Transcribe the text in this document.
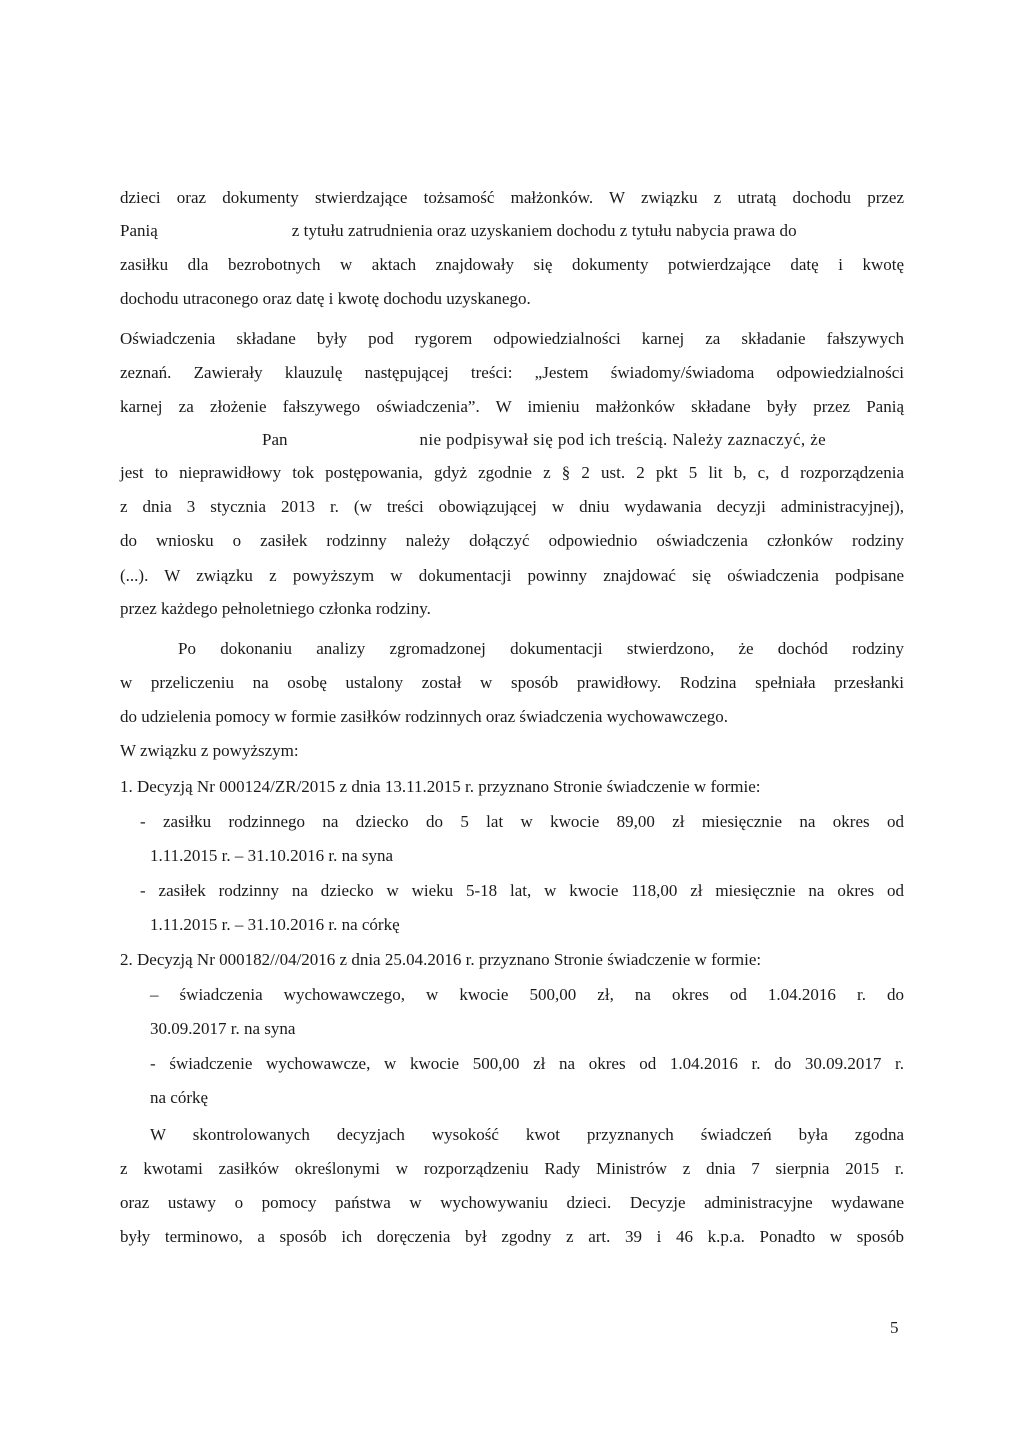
dzieci oraz dokumenty stwierdzające tożsamość małżonków. W związku z utratą dochodu przez
Panią	z tytułu zatrudnienia oraz uzyskaniem dochodu z tytułu nabycia prawa do
zasiłku dla bezrobotnych w aktach znajdowały się dokumenty potwierdzające datę i kwotę
dochodu utraconego oraz datę i kwotę dochodu uzyskanego.
Oświadczenia składane były pod rygorem odpowiedzialności karnej za składanie fałszywych
zeznań. Zawierały klauzulę następującej treści: „Jestem świadomy/świadoma odpowiedzialności
karnej za złożenie fałszywego oświadczenia”. W imieniu małżonków składane były przez Panią
Pan	nie podpisywał się pod ich treścią. Należy zaznaczyć, że
jest to nieprawidłowy tok postępowania, gdyż zgodnie z § 2 ust. 2 pkt 5 lit b, c, d rozporządzenia
z dnia 3 stycznia 2013 r. (w treści obowiązującej w dniu wydawania decyzji administracyjnej),
do wniosku o zasiłek rodzinny należy dołączyć odpowiednio oświadczenia członków rodziny
(...). W związku z powyższym w dokumentacji powinny znajdować się oświadczenia podpisane
przez każdego pełnoletniego członka rodziny.
Po dokonaniu analizy zgromadzonej dokumentacji stwierdzono, że dochód rodziny
w przeliczeniu na osobę ustalony został w sposób prawidłowy. Rodzina spełniała przesłanki
do udzielenia pomocy w formie zasiłków rodzinnych oraz świadczenia wychowawczego.
W związku z powyższym:
1. Decyzją Nr 000124/ZR/2015 z dnia 13.11.2015 r. przyznano Stronie świadczenie w formie:
- zasiłku rodzinnego na dziecko do 5 lat w kwocie 89,00 zł miesięcznie na okres od
1.11.2015 r. – 31.10.2016 r. na syna
- zasiłek rodzinny na dziecko w wieku 5-18 lat, w kwocie 118,00 zł miesięcznie na okres od
1.11.2015 r. – 31.10.2016 r. na córkę
2. Decyzją Nr 000182//04/2016 z dnia 25.04.2016 r. przyznano Stronie świadczenie w formie:
– świadczenia wychowawczego, w kwocie 500,00 zł, na okres od 1.04.2016 r. do
30.09.2017 r. na syna
- świadczenie wychowawcze, w kwocie 500,00 zł na okres od 1.04.2016 r. do 30.09.2017 r.
na córkę
W skontrolowanych decyzjach wysokość kwot przyznanych świadczeń była zgodna
z kwotami zasiłków określonymi w rozporządzeniu Rady Ministrów z dnia 7 sierpnia 2015 r.
oraz ustawy o pomocy państwa w wychowywaniu dzieci. Decyzje administracyjne wydawane
były terminowo, a sposób ich doręczenia był zgodny z art. 39 i 46 k.p.a. Ponadto w sposób
5
